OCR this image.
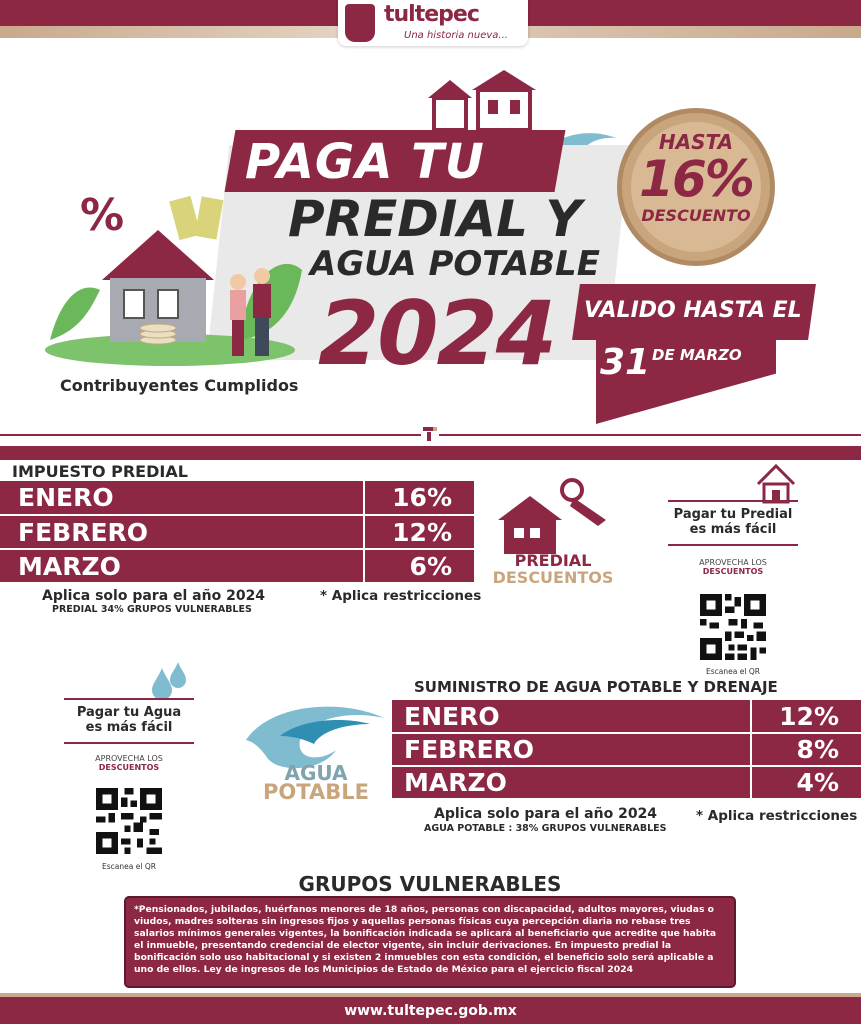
tultepec
Una historia nueva...
PAGA TU
PREDIAL Y
AGUA POTABLE
2024
HASTA
16%
DESCUENTO
VALIDO HASTA EL
31 DE MARZO
%
Contribuyentes Cumplidos
IMPUESTO PREDIAL
ENERO	16%
FEBRERO	12%
MARZO	6%
Aplica solo para el año 2024
PREDIAL 34% GRUPOS VULNERABLES
* Aplica restricciones
PREDIAL
DESCUENTOS
Pagar tu Predial
es más fácil
APROVECHA LOS
DESCUENTOS
Escanea el QR
Pagar tu Agua
es más fácil
APROVECHA LOS
DESCUENTOS
Escanea el QR
AGUA
POTABLE
SUMINISTRO DE AGUA POTABLE Y DRENAJE
ENERO	12%
FEBRERO	8%
MARZO	4%
Aplica solo para el año 2024
AGUA POTABLE : 38% GRUPOS VULNERABLES
* Aplica restricciones
GRUPOS VULNERABLES
*Pensionados, jubilados, huérfanos menores de 18 años, personas con discapacidad, adultos mayores, viudas o viudos, madres solteras sin ingresos fijos y aquellas personas físicas cuya percepción diaria no rebase tres salarios mínimos generales vigentes, la bonificación indicada se aplicará al beneficiario que acredite que habita el inmueble, presentando credencial de elector vigente, sin incluir derivaciones. En impuesto predial la bonificación solo uso habitacional y si existen 2 inmuebles con esta condición, el beneficio solo será aplicable a uno de ellos. Ley de ingresos de los Municipios de Estado de México para el ejercicio fiscal 2024
www.tultepec.gob.mx
